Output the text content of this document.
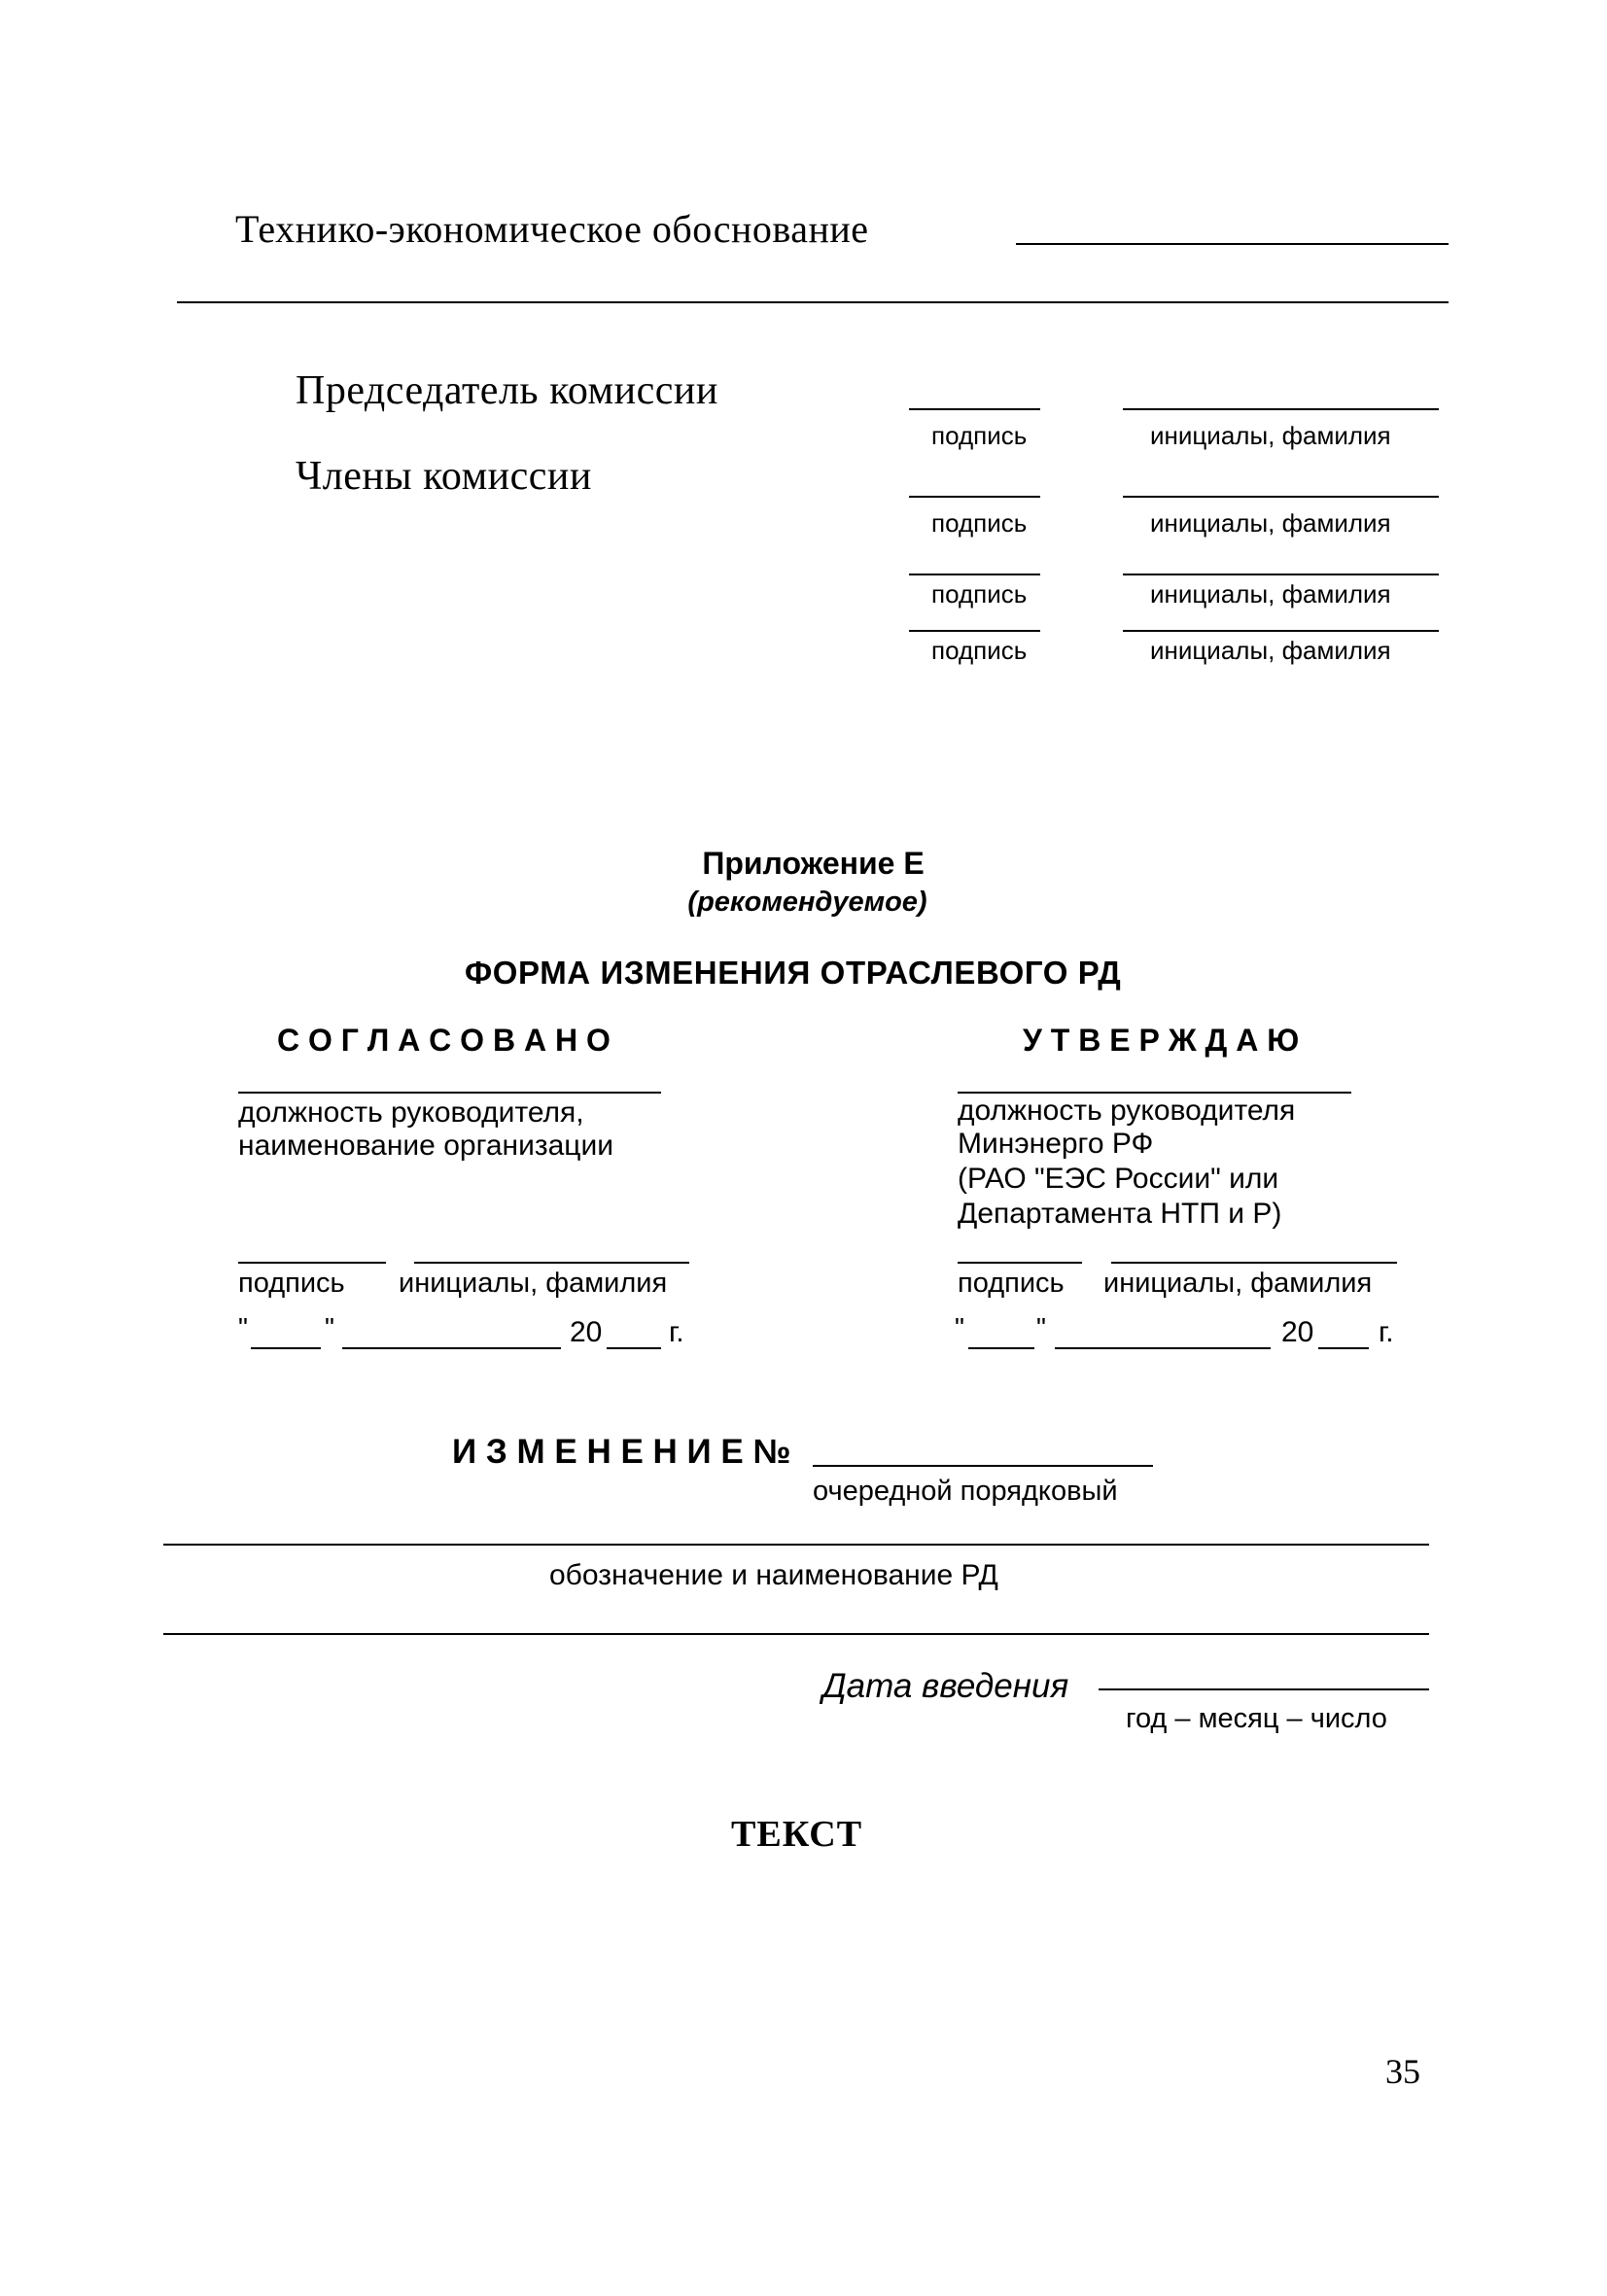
Технико-экономическое обоснование
Председатель комиссии
Члены комиссии
подпись	инициалы, фамилия
подпись	инициалы, фамилия
подпись	инициалы, фамилия
подпись	инициалы, фамилия
Приложение Е
(рекомендуемое)
ФОРМА ИЗМЕНЕНИЯ ОТРАСЛЕВОГО РД
С О Г Л А С О В А Н О
должность руководителя,
наименование организации
подпись инициалы, фамилия
"	"	20 г.
У Т В Е Р Ж Д А Ю
должность руководителя
Минэнерго РФ
(РАО "ЕЭС России" или
Департамента НТП и Р)
подпись инициалы, фамилия
"	"	20 г.
И З М Е Н Е Н И Е №
очередной порядковый
обозначение и наименование РД
Дата введения
год – месяц – число
ТЕКСТ
35
